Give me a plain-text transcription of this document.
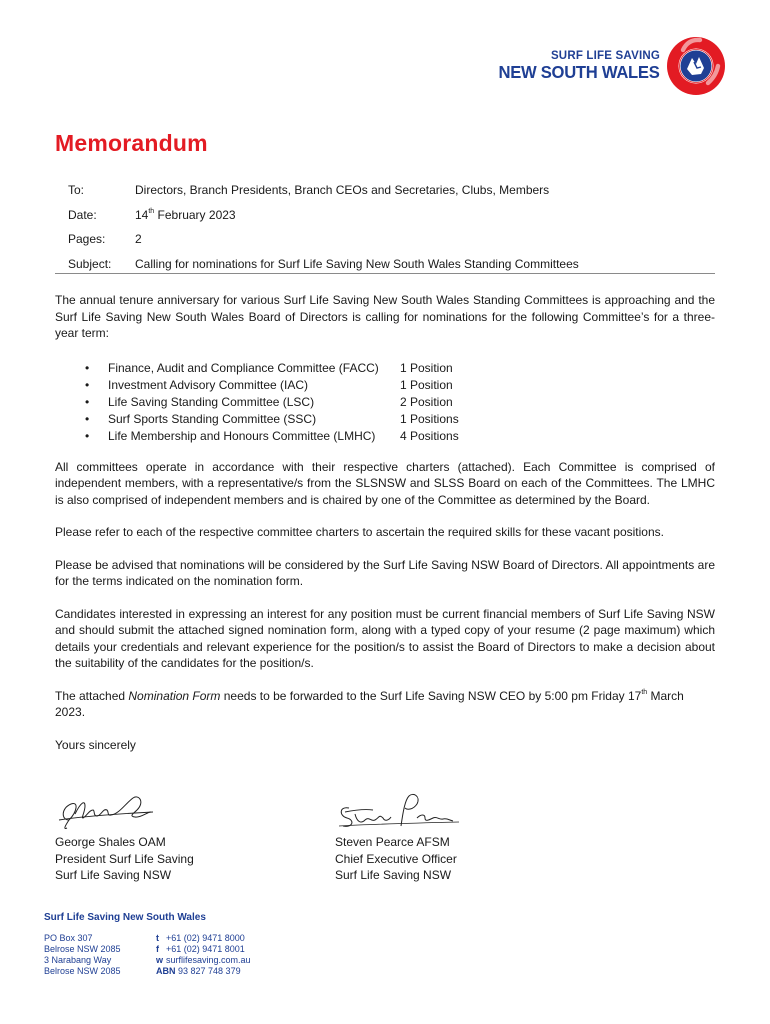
SURF LIFE SAVING
NEW SOUTH WALES
Memorandum
To:	Directors, Branch Presidents, Branch CEOs and Secretaries, Clubs, Members
Date:	14th February 2023
Pages:	2
Subject:	Calling for nominations for Surf Life Saving New South Wales Standing Committees

The annual tenure anniversary for various Surf Life Saving New South Wales Standing Committees is approaching and the Surf Life Saving New South Wales Board of Directors is calling for nominations for the following Committee’s for a three-year term:

•	Finance, Audit and Compliance Committee (FACC)	1 Position
•	Investment Advisory Committee (IAC)	1 Position
•	Life Saving Standing Committee (LSC)	2 Position
•	Surf Sports Standing Committee (SSC)	1 Positions
•	Life Membership and Honours Committee (LMHC)	4 Positions

All committees operate in accordance with their respective charters (attached). Each Committee is comprised of independent members, with a representative/s from the SLSNSW and SLSS Board on each of the Committees. The LMHC is also comprised of independent members and is chaired by one of the Committee as determined by the Board.

Please refer to each of the respective committee charters to ascertain the required skills for these vacant positions.

Please be advised that nominations will be considered by the Surf Life Saving NSW Board of Directors. All appointments are for the terms indicated on the nomination form.

Candidates interested in expressing an interest for any position must be current financial members of Surf Life Saving NSW and should submit the attached signed nomination form, along with a typed copy of your resume (2 page maximum) which details your credentials and relevant experience for the position/s to assist the Board of Directors to make a decision about the suitability of the candidates for the position/s.

The attached Nomination Form needs to be forwarded to the Surf Life Saving NSW CEO by 5:00 pm Friday 17th March 2023.

Yours sincerely

George Shales OAM
President Surf Life Saving
Surf Life Saving NSW
Steven Pearce AFSM
Chief Executive Officer
Surf Life Saving NSW
Surf Life Saving New South Wales
PO Box 307
Belrose NSW 2085
3 Narabang Way
Belrose NSW 2085
t +61 (02) 9471 8000
f +61 (02) 9471 8001
w surflifesaving.com.au
ABN 93 827 748 379
